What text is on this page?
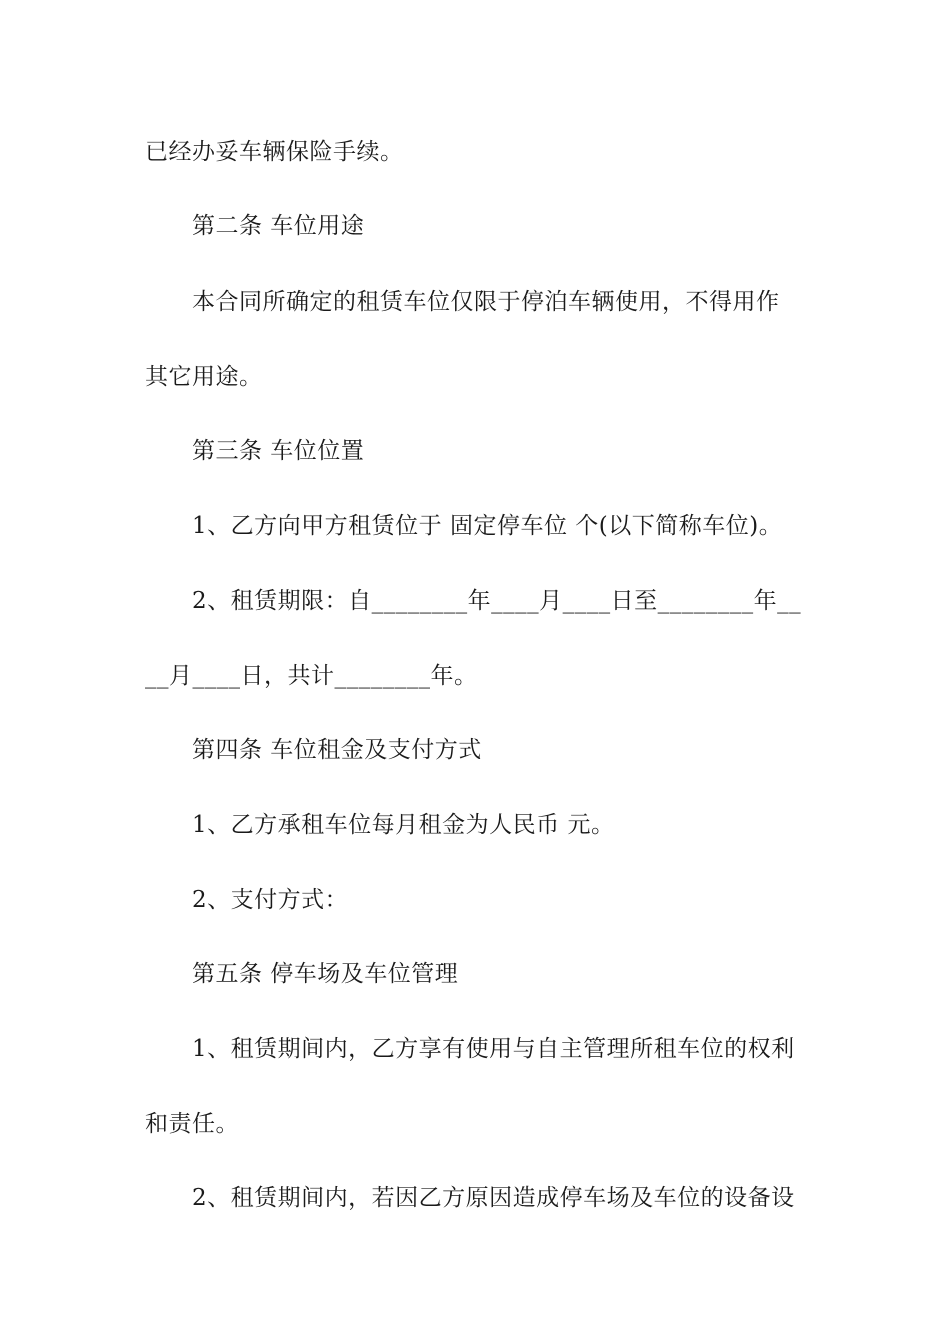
已经办妥车辆保险手续。
第二条 车位用途
本合同所确定的租赁车位仅限于停泊车辆使用，不得用作
其它用途。
第三条 车位位置
1、乙方向甲方租赁位于 固定停车位 个(以下简称车位)。
2、租赁期限：自________年____月____日至________年__
__月____日，共计________年。
第四条 车位租金及支付方式
1、乙方承租车位每月租金为人民币 元。
2、支付方式：
第五条 停车场及车位管理
1、租赁期间内，乙方享有使用与自主管理所租车位的权利
和责任。
2、租赁期间内，若因乙方原因造成停车场及车位的设备设
